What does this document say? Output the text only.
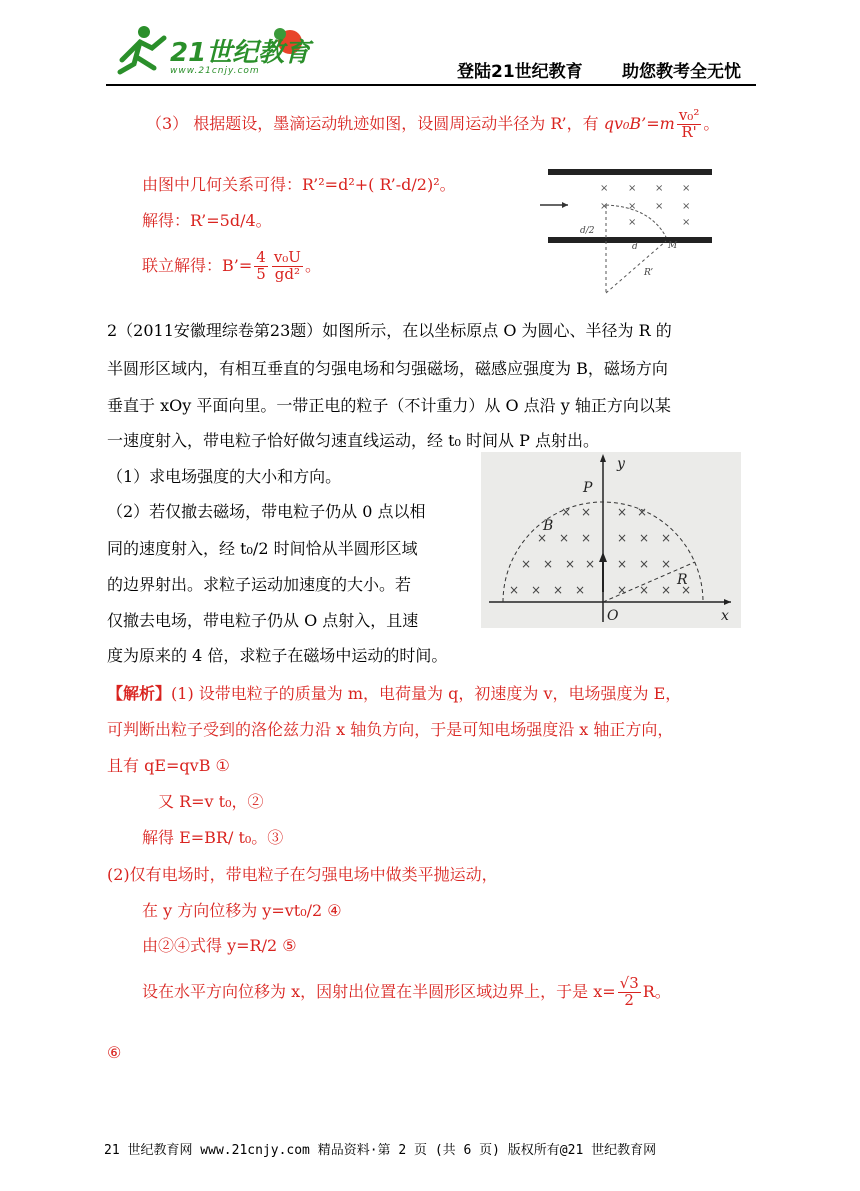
21世纪教育
www.21cnjy.com	登陆21世纪教育 助您教考全无忧
（3） 根据题设，墨滴运动轨迹如图，设圆周运动半径为 R’，有 qv₀B’=m $\frac{\text{v₀²}}{R'}$ 。
由图中几何关系可得：R’²=d²+( R’-d/2)²。
解得：R’=5d/4。
联立解得：B’= $\frac{4}{5} \frac{\text{v₀U}}{\text{gd²}}$ 。
× × × ×
× × × ×
×	×
d/2
d	M
R’
2（2011安徽理综卷第23题）如图所示，在以坐标原点 O 为圆心、半径为 R 的
半圆形区域内，有相互垂直的匀强电场和匀强磁场，磁感应强度为 B，磁场方向
垂直于 xOy 平面向里。一带正电的粒子（不计重力）从 O 点沿 y 轴正方向以某
一速度射入，带电粒子恰好做匀速直线运动，经 t₀ 时间从 P 点射出。
（1）求电场强度的大小和方向。
（2）若仅撤去磁场，带电粒子仍从 0 点以相
同的速度射入，经 t₀/2 时间恰从半圆形区域
的边界射出。求粒子运动加速度的大小。若
仅撤去电场，带电粒子仍从 O 点射入，且速
度为原来的 4 倍，求粒子在磁场中运动的时间。
× × × ×
× × × × × ×
× × × × × × ×
× × × ×	× × × ×
y
P
B
R
O	x
【解析】(1) 设带电粒子的质量为 m，电荷量为 q，初速度为 v，电场强度为 E，
可判断出粒子受到的洛伦兹力沿 x 轴负方向，于是可知电场强度沿 x 轴正方向，
且有 qE=qvB ①
又 R=v t₀，②
解得 E=BR/ t₀。③
(2)仅有电场时，带电粒子在匀强电场中做类平抛运动，
在 y 方向位移为 y=vt₀/2 ④
由②④式得 y=R/2 ⑤
设在水平方向位移为 x，因射出位置在半圆形区域边界上，于是 $x= \frac{√3}{2}$ R。
⑥
21 世纪教育网 www.21cnjy.com 精品资料·第 2 页 (共 6 页) 版权所有@21 世纪教育网
